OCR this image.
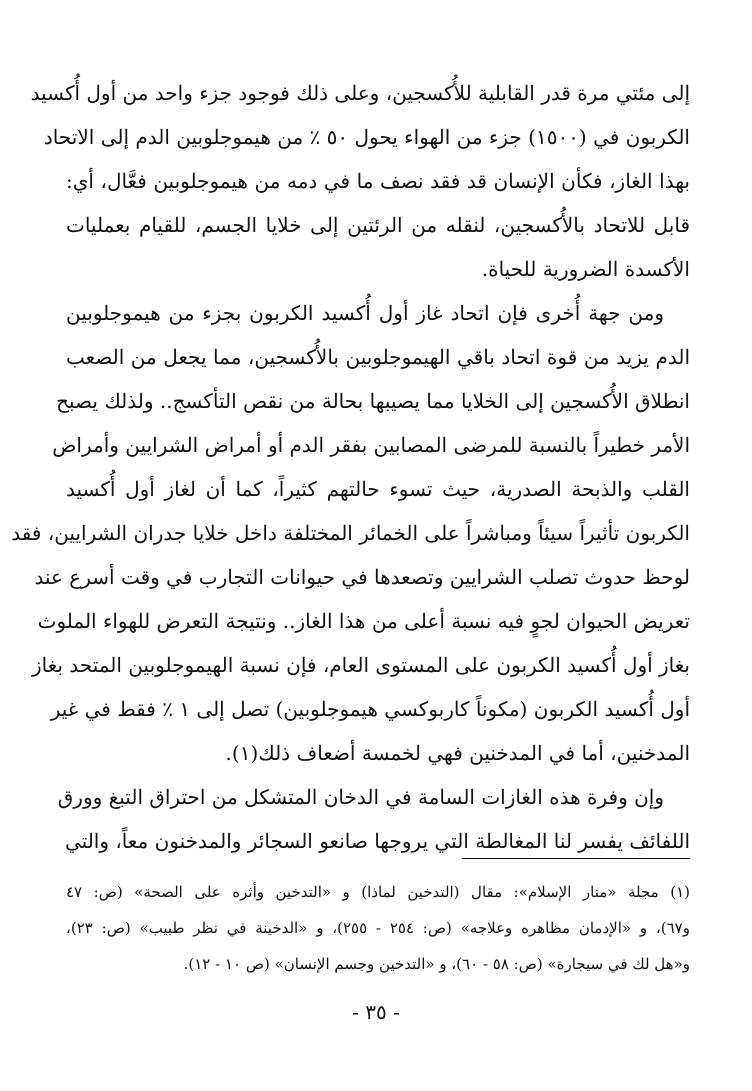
إلى مئتي مرة قدر القابلية للأُكسجين، وعلى ذلك فوجود جزء واحد من أول أُكسيد
الكربون في (١٥٠٠) جزء من الهواء يحول ٥٠ ٪ من هيموجلوبين الدم إلى الاتحاد
بهذا الغاز، فكأن الإنسان قد فقد نصف ما في دمه من هيموجلوبين فعَّال، أي:
قابل للاتحاد بالأُكسجين، لنقله من الرئتين إلى خلايا الجسم، للقيام بعمليات
الأكسدة الضرورية للحياة.
ومن جهة أُخرى فإن اتحاد غاز أول أُكسيد الكربون بجزء من هيموجلوبين
الدم يزيد من قوة اتحاد باقي الهيموجلوبين بالأُكسجين، مما يجعل من الصعب
انطلاق الأُكسجين إلى الخلايا مما يصيبها بحالة من نقص التأكسج.. ولذلك يصبح
الأمر خطيراً بالنسبة للمرضى المصابين بفقر الدم أو أمراض الشرايين وأمراض
القلب والذبحة الصدرية، حيث تسوء حالتهم كثيراً، كما أن لغاز أول أُكسيد
الكربون تأثيراً سيئاً ومباشراً على الخمائر المختلفة داخل خلايا جدران الشرايين، فقد
لوحظ حدوث تصلب الشرايين وتصعدها في حيوانات التجارب في وقت أسرع عند
تعريض الحيوان لجوٍ فيه نسبة أعلى من هذا الغاز.. ونتيجة التعرض للهواء الملوث
بغاز أول أُكسيد الكربون على المستوى العام، فإن نسبة الهيموجلوبين المتحد بغاز
أول أُكسيد الكربون (مكوناً كاربوكسي هيموجلوبين) تصل إلى ١ ٪ فقط في غير
المدخنين، أما في المدخنين فهي لخمسة أضعاف ذلك(١).
وإن وفرة هذه الغازات السامة في الدخان المتشكل من احتراق التبغ وورق
اللفائف يفسر لنا المغالطة التي يروجها صانعو السجائر والمدخنون معاً، والتي
(١) مجلة «منار الإسلام»: مقال (التدخين لماذا) و «التدخين وأثره على الصحة» (ص: ٤٧
و٦٧)، و «الإدمان مظاهره وعلاجه» (ص: ٢٥٤ - ٢٥٥)، و «الدخينة في نظر طبيب» (ص: ٢٣)،
و«هل لك في سيجارة» (ص: ٥٨ - ٦٠)، و «التدخين وجسم الإنسان» (ص ١٠ - ١٢).
- ٣٥ -
